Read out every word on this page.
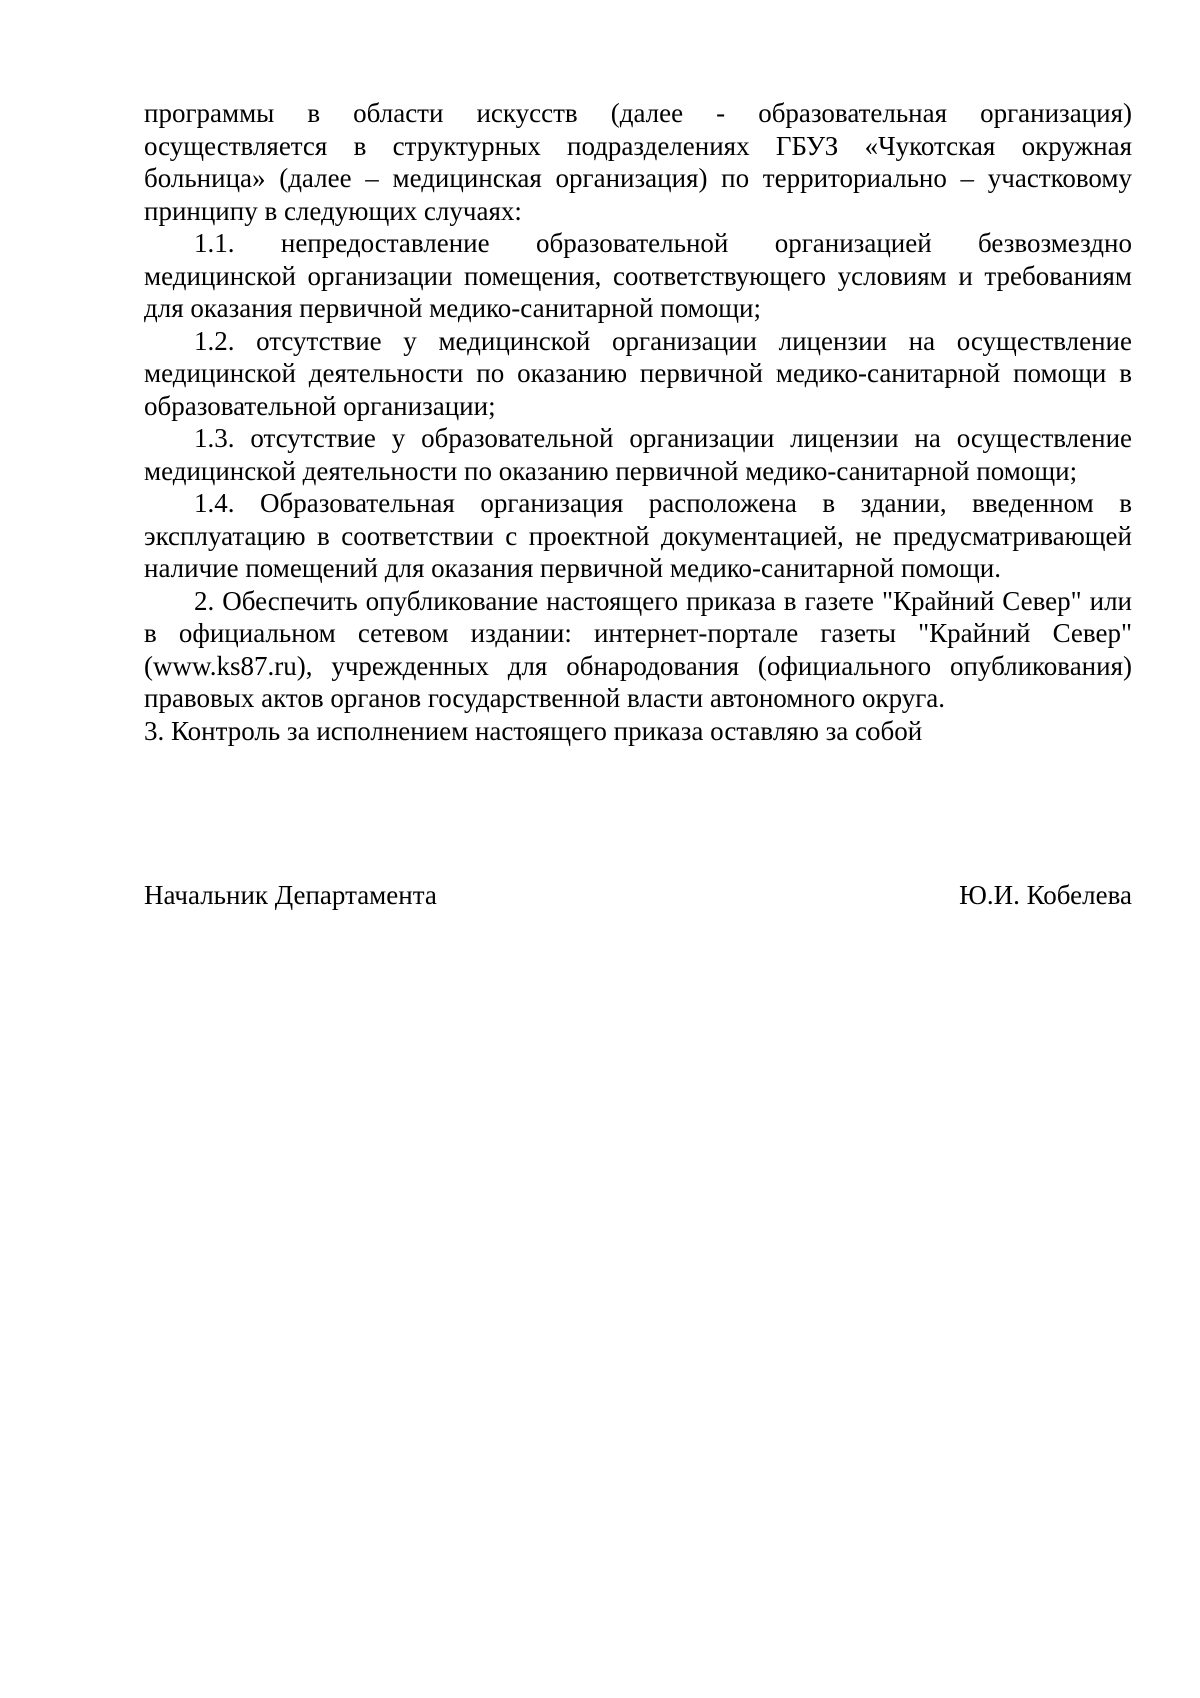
программы в области искусств (далее - образовательная организация) осуществляется в структурных подразделениях ГБУЗ «Чукотская окружная больница» (далее – медицинская организация) по территориально – участковому принципу в следующих случаях:

1.1. непредоставление образовательной организацией безвозмездно медицинской организации помещения, соответствующего условиям и требованиям для оказания первичной медико-санитарной помощи;

1.2. отсутствие у медицинской организации лицензии на осуществление медицинской деятельности по оказанию первичной медико-санитарной помощи в образовательной организации;

1.3. отсутствие у образовательной организации лицензии на осуществление медицинской деятельности по оказанию первичной медико-санитарной помощи;

1.4. Образовательная организация расположена в здании, введенном в эксплуатацию в соответствии с проектной документацией, не предусматривающей наличие помещений для оказания первичной медико-санитарной помощи.

2. Обеспечить опубликование настоящего приказа в газете "Крайний Север" или в официальном сетевом издании: интернет-портале газеты "Крайний Север" (www.ks87.ru), учрежденных для обнародования (официального опубликования) правовых актов органов государственной власти автономного округа.

3. Контроль за исполнением настоящего приказа оставляю за собой

Начальник Департамента	Ю.И. Кобелева
